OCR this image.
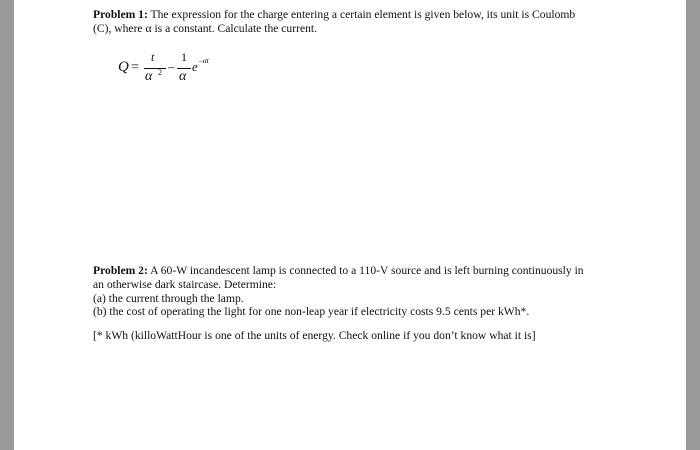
Problem 1: The expression for the charge entering a certain element is given below, its unit is Coulomb

(C), where α is a constant. Calculate the current.

Q =
t
α 2 –
1
α
e –αt

Problem 2: A 60-W incandescent lamp is connected to a 110-V source and is left burning continuously in

an otherwise dark staircase. Determine:

(a) the current through the lamp.

(b) the cost of operating the light for one non-leap year if electricity costs 9.5 cents per kWh*.

[* kWh (killoWattHour is one of the units of energy. Check online if you don’t know what it is]
